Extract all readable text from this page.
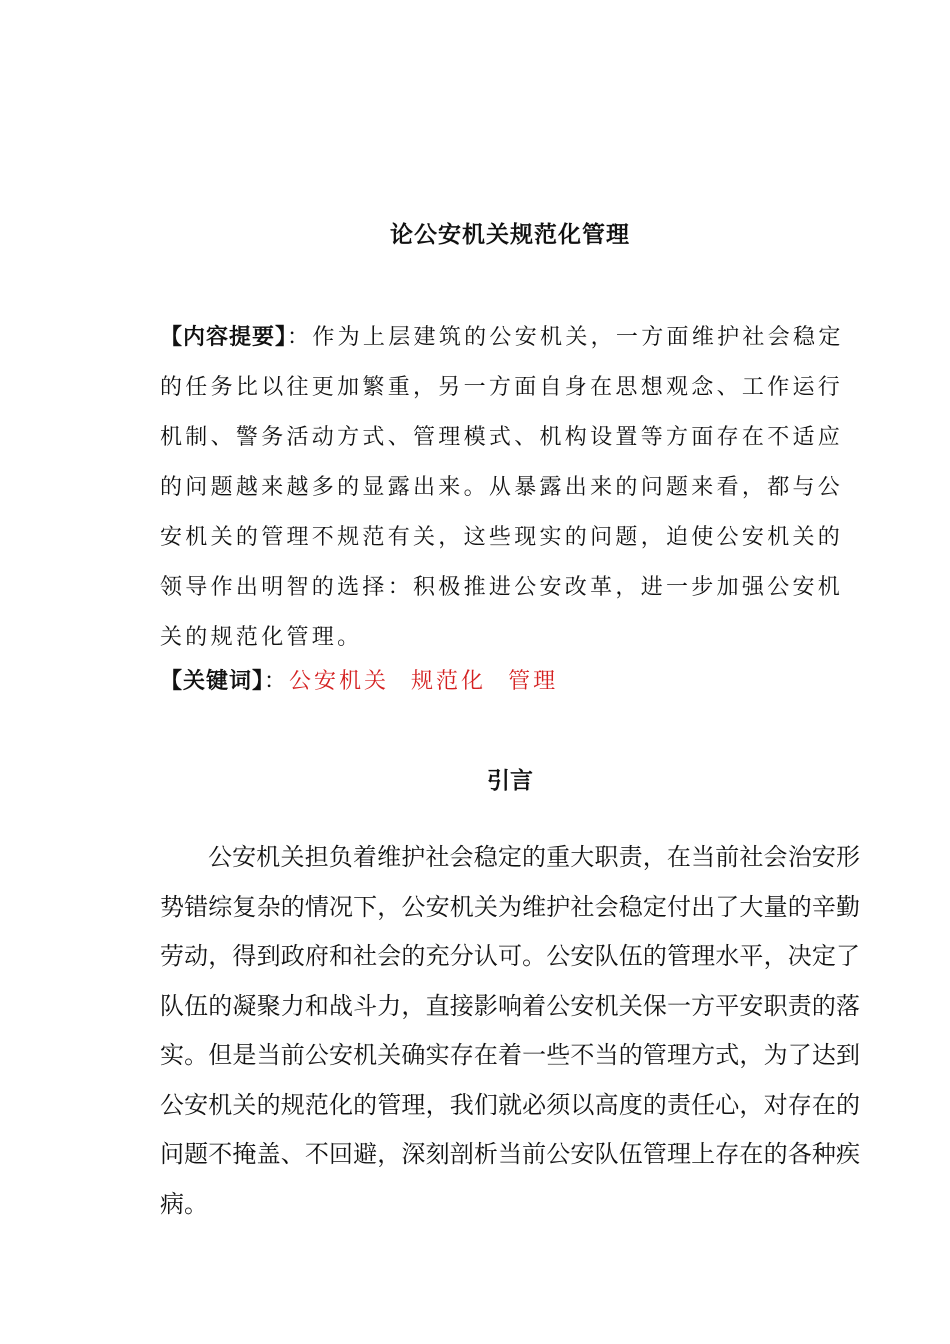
论公安机关规范化管理

【内容提要】：作为上层建筑的公安机关，一方面维护社会稳定的任务比以往更加繁重，另一方面自身在思想观念、工作运行机制、警务活动方式、管理模式、机构设置等方面存在不适应的问题越来越多的显露出来。从暴露出来的问题来看，都与公安机关的管理不规范有关，这些现实的问题，迫使公安机关的领导作出明智的选择：积极推进公安改革，进一步加强公安机关的规范化管理。

【关键词】：公安机关 规范化 管理

引言

公安机关担负着维护社会稳定的重大职责，在当前社会治安形势错综复杂的情况下，公安机关为维护社会稳定付出了大量的辛勤劳动，得到政府和社会的充分认可。公安队伍的管理水平，决定了队伍的凝聚力和战斗力，直接影响着公安机关保一方平安职责的落实。但是当前公安机关确实存在着一些不当的管理方式，为了达到公安机关的规范化的管理，我们就必须以高度的责任心，对存在的问题不掩盖、不回避，深刻剖析当前公安队伍管理上存在的各种疾病。
